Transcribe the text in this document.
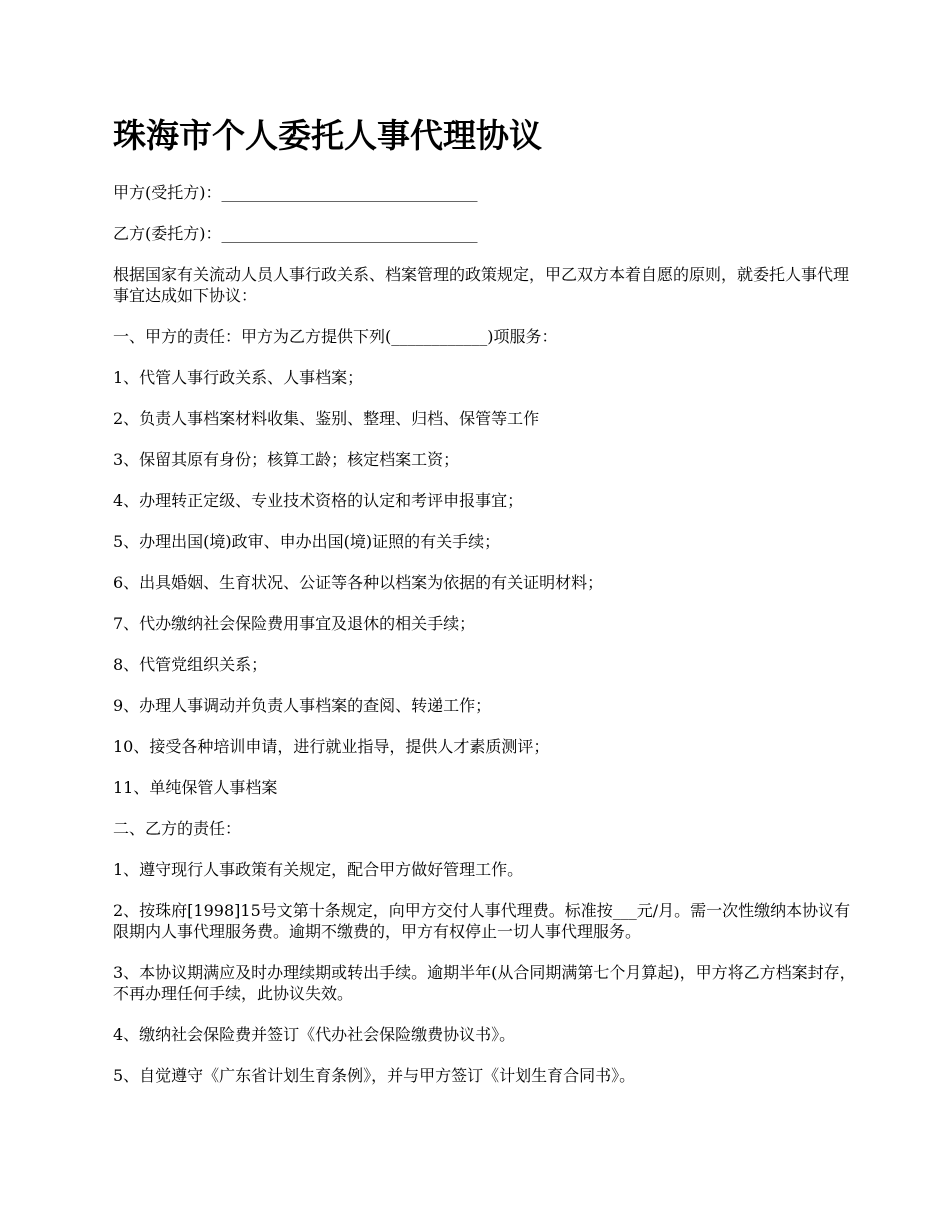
珠海市个人委托人事代理协议

甲方(受托方)：________________________________

乙方(委托方)：________________________________

根据国家有关流动人员人事行政关系、档案管理的政策规定，甲乙双方本着自愿的原则，就委托人事代理事宜达成如下协议：

一、甲方的责任：甲方为乙方提供下列(____________)项服务：

1、代管人事行政关系、人事档案；

2、负责人事档案材料收集、鉴别、整理、归档、保管等工作

3、保留其原有身份；核算工龄；核定档案工资；

4、办理转正定级、专业技术资格的认定和考评申报事宜；

5、办理出国(境)政审、申办出国(境)证照的有关手续；

6、出具婚姻、生育状况、公证等各种以档案为依据的有关证明材料；

7、代办缴纳社会保险费用事宜及退休的相关手续；

8、代管党组织关系；

9、办理人事调动并负责人事档案的查阅、转递工作；

10、接受各种培训申请，进行就业指导，提供人才素质测评；

11、单纯保管人事档案

二、乙方的责任：

1、遵守现行人事政策有关规定，配合甲方做好管理工作。

2、按珠府[1998]15号文第十条规定，向甲方交付人事代理费。标准按___元/月。需一次性缴纳本协议有限期内人事代理服务费。逾期不缴费的，甲方有权停止一切人事代理服务。

3、本协议期满应及时办理续期或转出手续。逾期半年(从合同期满第七个月算起)，甲方将乙方档案封存，不再办理任何手续，此协议失效。

4、缴纳社会保险费并签订《代办社会保险缴费协议书》。

5、自觉遵守《广东省计划生育条例》，并与甲方签订《计划生育合同书》。
